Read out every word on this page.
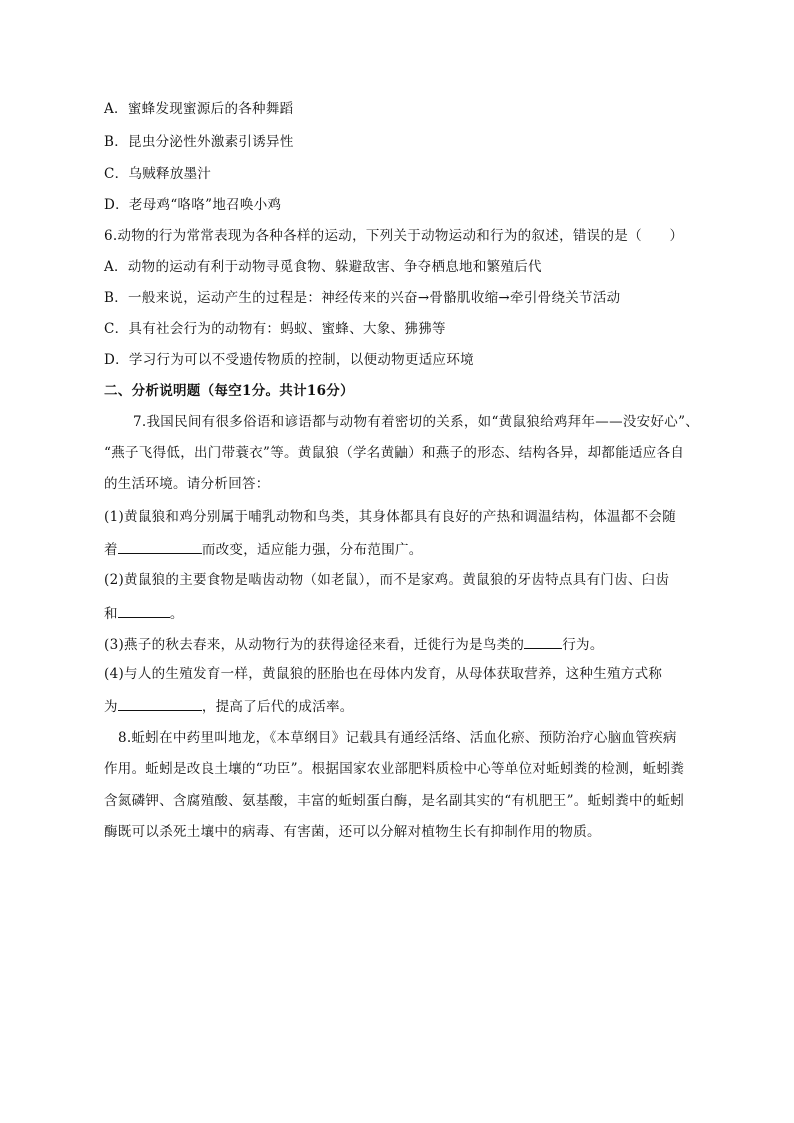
A．蜜蜂发现蜜源后的各种舞蹈
B．昆虫分泌性外激素引诱异性
C．乌贼释放墨汁
D．老母鸡“咯咯”地召唤小鸡
6.动物的行为常常表现为各种各样的运动，下列关于动物运动和行为的叙述，错误的是（　　）
A．动物的运动有利于动物寻觅食物、躲避敌害、争夺栖息地和繁殖后代
B．一般来说，运动产生的过程是：神经传来的兴奋→骨骼肌收缩→牵引骨绕关节活动
C．具有社会行为的动物有：蚂蚁、蜜蜂、大象、狒狒等
D．学习行为可以不受遗传物质的控制，以便动物更适应环境
二、分析说明题（每空1分。共计16分）
7.我国民间有很多俗语和谚语都与动物有着密切的关系，如“黄鼠狼给鸡拜年——没安好心”、
“燕子飞得低，出门带蓑衣”等。黄鼠狼（学名黄鼬）和燕子的形态、结构各异，却都能适应各自
的生活环境。请分析回答：
(1)黄鼠狼和鸡分别属于哺乳动物和鸟类，其身体都具有良好的产热和调温结构，体温都不会随
着	而改变，适应能力强，分布范围广。
(2)黄鼠狼的主要食物是啮齿动物（如老鼠），而不是家鸡。黄鼠狼的牙齿特点具有门齿、臼齿
和	。
(3)燕子的秋去春来，从动物行为的获得途径来看，迁徙行为是鸟类的	行为。
(4)与人的生殖发育一样，黄鼠狼的胚胎也在母体内发育，从母体获取营养，这种生殖方式称
为	，提高了后代的成活率。
8.蚯蚓在中药里叫地龙，《本草纲目》记载具有通经活络、活血化瘀、预防治疗心脑血管疾病
作用。蚯蚓是改良土壤的“功臣”。根据国家农业部肥料质检中心等单位对蚯蚓粪的检测，蚯蚓粪
含氮磷钾、含腐殖酸、氨基酸，丰富的蚯蚓蛋白酶，是名副其实的“有机肥王”。蚯蚓粪中的蚯蚓
酶既可以杀死土壤中的病毒、有害菌，还可以分解对植物生长有抑制作用的物质。
